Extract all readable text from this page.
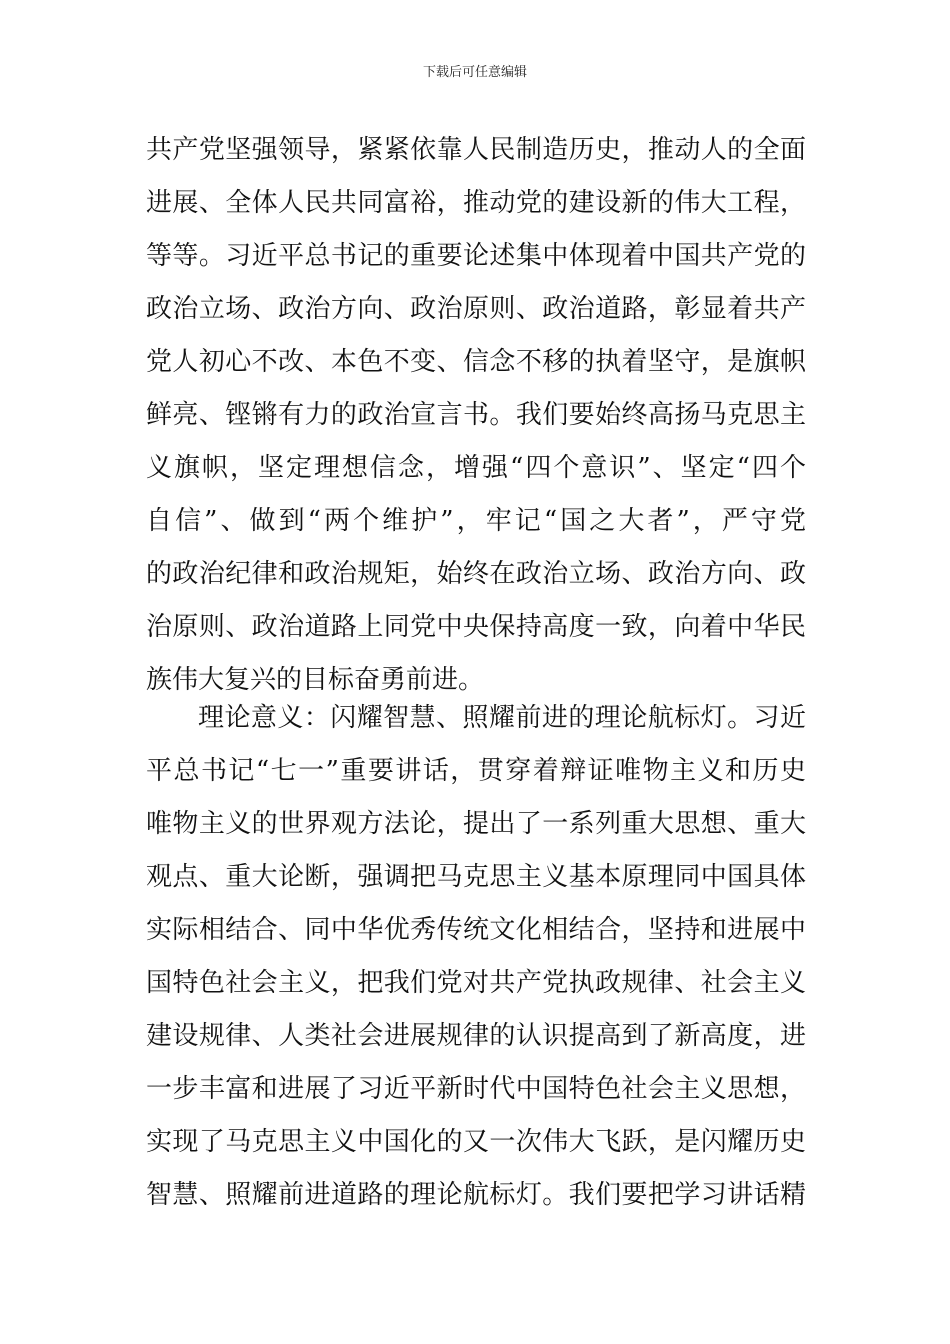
下载后可任意编辑
共产党坚强领导，紧紧依靠人民制造历史，推动人的全面
进展、全体人民共同富裕，推动党的建设新的伟大工程，
等等。习近平总书记的重要论述集中体现着中国共产党的
政治立场、政治方向、政治原则、政治道路，彰显着共产
党人初心不改、本色不变、信念不移的执着坚守，是旗帜
鲜亮、铿锵有力的政治宣言书。我们要始终高扬马克思主
义旗帜，坚定理想信念，增强“四个意识”、坚定“四个
自信”、做到“两个维护”，牢记“国之大者”，严守党
的政治纪律和政治规矩，始终在政治立场、政治方向、政
治原则、政治道路上同党中央保持高度一致，向着中华民
族伟大复兴的目标奋勇前进。
理论意义：闪耀智慧、照耀前进的理论航标灯。习近
平总书记“七一”重要讲话，贯穿着辩证唯物主义和历史
唯物主义的世界观方法论，提出了一系列重大思想、重大
观点、重大论断，强调把马克思主义基本原理同中国具体
实际相结合、同中华优秀传统文化相结合，坚持和进展中
国特色社会主义，把我们党对共产党执政规律、社会主义
建设规律、人类社会进展规律的认识提高到了新高度，进
一步丰富和进展了习近平新时代中国特色社会主义思想，
实现了马克思主义中国化的又一次伟大飞跃，是闪耀历史
智慧、照耀前进道路的理论航标灯。我们要把学习讲话精
